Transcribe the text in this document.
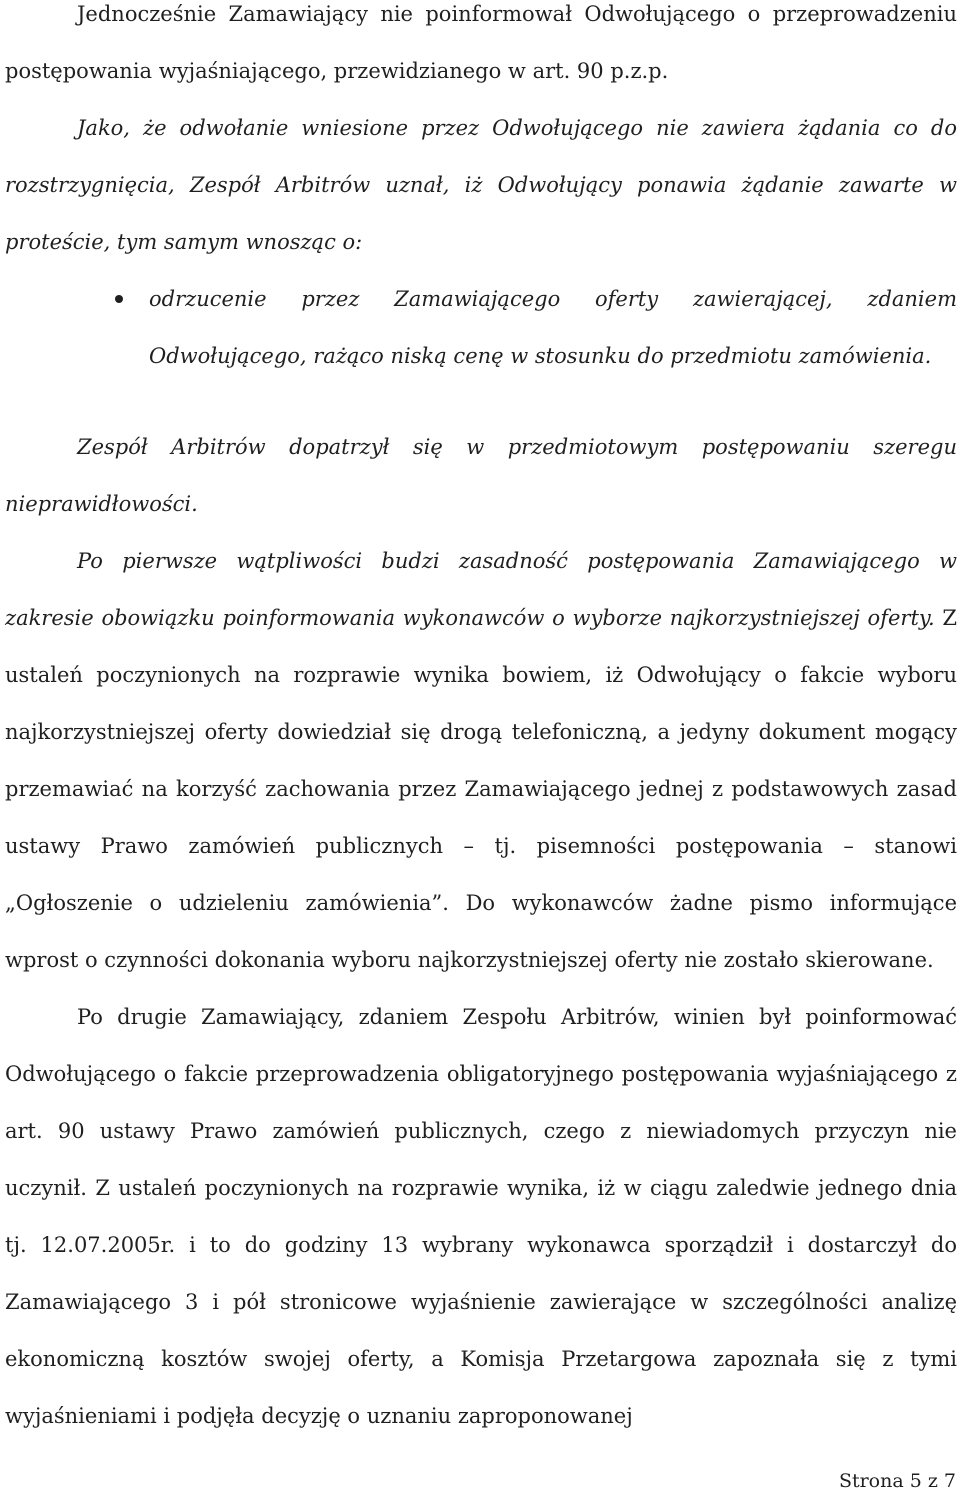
Jednocześnie Zamawiający nie poinformował Odwołującego o przeprowadzeniu postępowania wyjaśniającego, przewidzianego w art. 90 p.z.p.

Jako, że odwołanie wniesione przez Odwołującego nie zawiera żądania co do rozstrzygnięcia, Zespół Arbitrów uznał, iż Odwołujący ponawia żądanie zawarte w proteście, tym samym wnosząc o:

odrzucenie przez Zamawiającego oferty zawierającej, zdaniem Odwołującego, rażąco niską cenę w stosunku do przedmiotu zamówienia.

Zespół Arbitrów dopatrzył się w przedmiotowym postępowaniu szeregu nieprawidłowości.

Po pierwsze wątpliwości budzi zasadność postępowania Zamawiającego w zakresie obowiązku poinformowania wykonawców o wyborze najkorzystniejszej oferty. Z ustaleń poczynionych na rozprawie wynika bowiem, iż Odwołujący o fakcie wyboru najkorzystniejszej oferty dowiedział się drogą telefoniczną, a jedyny dokument mogący przemawiać na korzyść zachowania przez Zamawiającego jednej z podstawowych zasad ustawy Prawo zamówień publicznych – tj. pisemności postępowania – stanowi „Ogłoszenie o udzieleniu zamówienia”. Do wykonawców żadne pismo informujące wprost o czynności dokonania wyboru najkorzystniejszej oferty nie zostało skierowane.

Po drugie Zamawiający, zdaniem Zespołu Arbitrów, winien był poinformować Odwołującego o fakcie przeprowadzenia obligatoryjnego postępowania wyjaśniającego z art. 90 ustawy Prawo zamówień publicznych, czego z niewiadomych przyczyn nie uczynił. Z ustaleń poczynionych na rozprawie wynika, iż w ciągu zaledwie jednego dnia tj. 12.07.2005r. i to do godziny 13 wybrany wykonawca sporządził i dostarczył do Zamawiającego 3 i pół stronicowe wyjaśnienie zawierające w szczególności analizę ekonomiczną kosztów swojej oferty, a Komisja Przetargowa zapoznała się z tymi wyjaśnieniami i podjęła decyzję o uznaniu zaproponowanej

Strona 5 z 7
